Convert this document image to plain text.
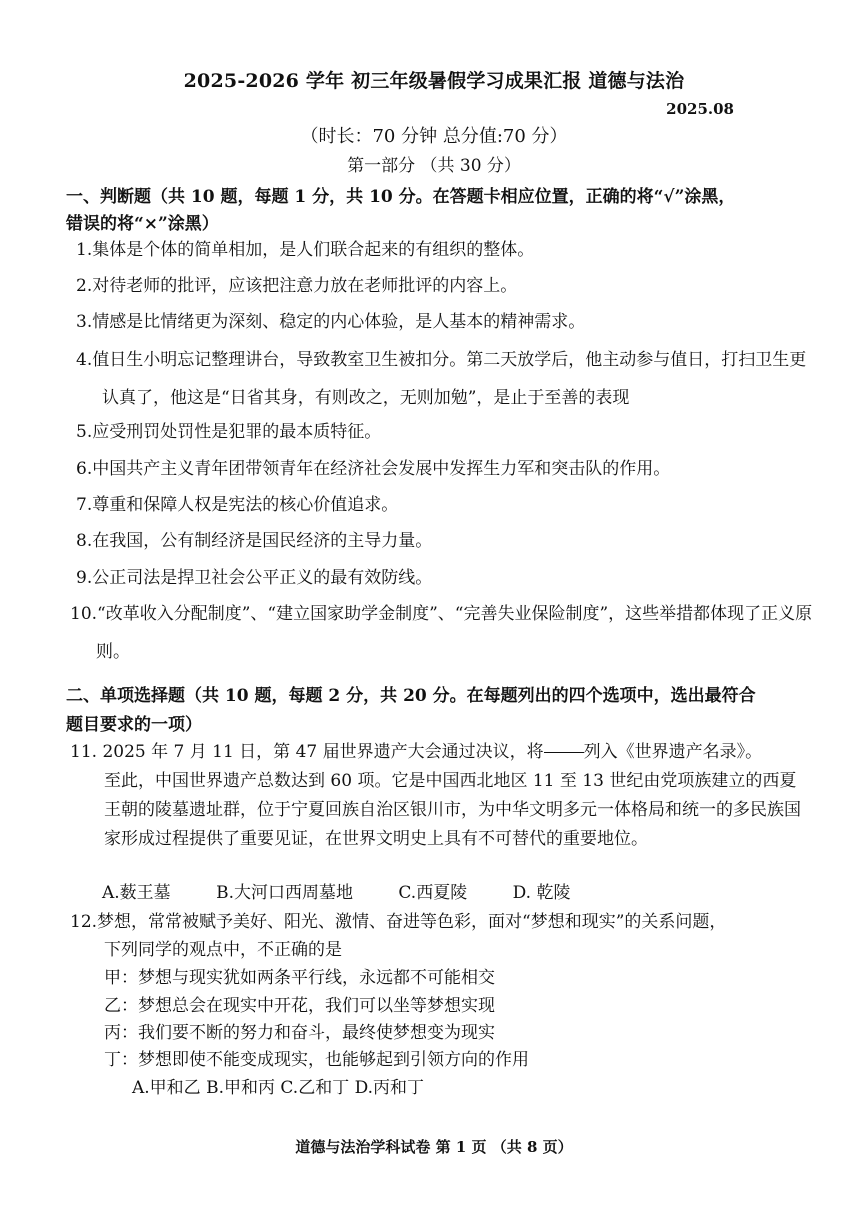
2025-2026 学年 初三年级暑假学习成果汇报 道德与法治
2025.08
（时长：70 分钟 总分值:70 分）
第一部分 （共 30 分）
一、判断题（共 10 题，每题 1 分，共 10 分。在答题卡相应位置，正确的将“√”涂黑，
错误的将“×”涂黑）
1.集体是个体的简单相加，是人们联合起来的有组织的整体。
2.对待老师的批评，应该把注意力放在老师批评的内容上。
3.情感是比情绪更为深刻、稳定的内心体验，是人基本的精神需求。
4.值日生小明忘记整理讲台，导致教室卫生被扣分。第二天放学后，他主动参与值日，打扫卫生更认真了，他这是“日省其身，有则改之，无则加勉”，是止于至善的表现
5.应受刑罚处罚性是犯罪的最本质特征。
6.中国共产主义青年团带领青年在经济社会发展中发挥生力军和突击队的作用。
7.尊重和保障人权是宪法的核心价值追求。
8.在我国，公有制经济是国民经济的主导力量。
9.公正司法是捍卫社会公平正义的最有效防线。
10.“改革收入分配制度”、“建立国家助学金制度”、“完善失业保险制度”，这些举措都体现了正义原则。
二、单项选择题（共 10 题，每题 2 分，共 20 分。在每题列出的四个选项中，选出最符合
题目要求的一项）
11. 2025 年 7 月 11 日，第 47 届世界遗产大会通过决议，将 列入《世界遗产名录》。
至此，中国世界遗产总数达到 60 项。它是中国西北地区 11 至 13 世纪由党项族建立的西夏王朝的陵墓遗址群，位于宁夏回族自治区银川市，为中华文明多元一体格局和统一的多民族国家形成过程提供了重要见证，在世界文明史上具有不可替代的重要地位。
A.薮王墓	B.大河口西周墓地	C.西夏陵	D. 乾陵
12.梦想，常常被赋予美好、阳光、激情、奋进等色彩，面对“梦想和现实”的关系问题，
下列同学的观点中，不正确的是
甲：梦想与现实犹如两条平行线，永远都不可能相交
乙：梦想总会在现实中开花，我们可以坐等梦想实现
丙：我们要不断的努力和奋斗，最终使梦想变为现实
丁：梦想即使不能变成现实，也能够起到引领方向的作用
A.甲和乙 B.甲和丙 C.乙和丁 D.丙和丁
道德与法治学科试卷 第 1 页 （共 8 页）
